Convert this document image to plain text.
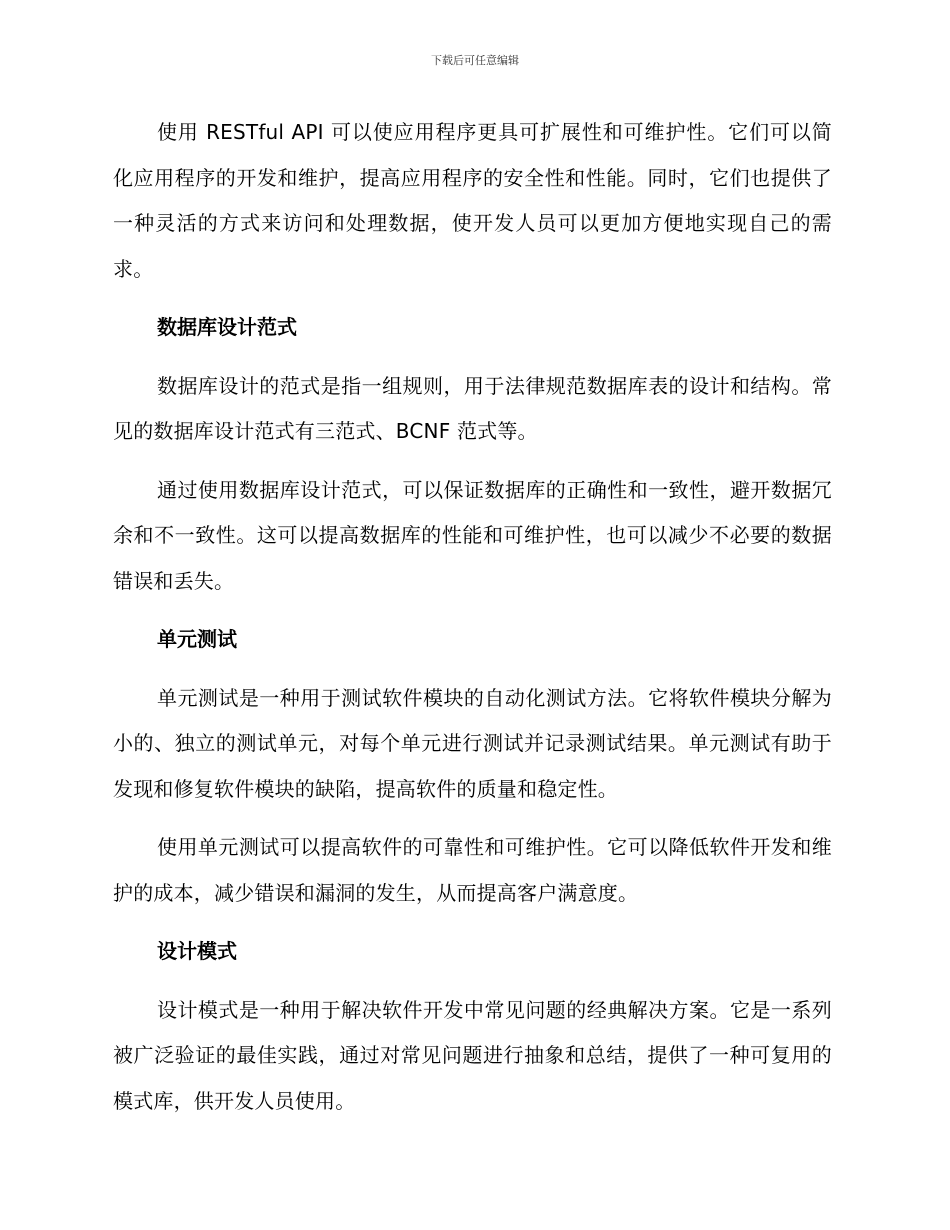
下载后可任意编辑

使用 RESTful API 可以使应用程序更具可扩展性和可维护性。它们可以简化应用程序的开发和维护，提高应用程序的安全性和性能。同时，它们也提供了一种灵活的方式来访问和处理数据，使开发人员可以更加方便地实现自己的需求。

数据库设计范式

数据库设计的范式是指一组规则，用于法律规范数据库表的设计和结构。常见的数据库设计范式有三范式、BCNF 范式等。

通过使用数据库设计范式，可以保证数据库的正确性和一致性，避开数据冗余和不一致性。这可以提高数据库的性能和可维护性，也可以减少不必要的数据错误和丢失。

单元测试

单元测试是一种用于测试软件模块的自动化测试方法。它将软件模块分解为小的、独立的测试单元，对每个单元进行测试并记录测试结果。单元测试有助于发现和修复软件模块的缺陷，提高软件的质量和稳定性。

使用单元测试可以提高软件的可靠性和可维护性。它可以降低软件开发和维护的成本，减少错误和漏洞的发生，从而提高客户满意度。

设计模式

设计模式是一种用于解决软件开发中常见问题的经典解决方案。它是一系列被广泛验证的最佳实践，通过对常见问题进行抽象和总结，提供了一种可复用的模式库，供开发人员使用。
